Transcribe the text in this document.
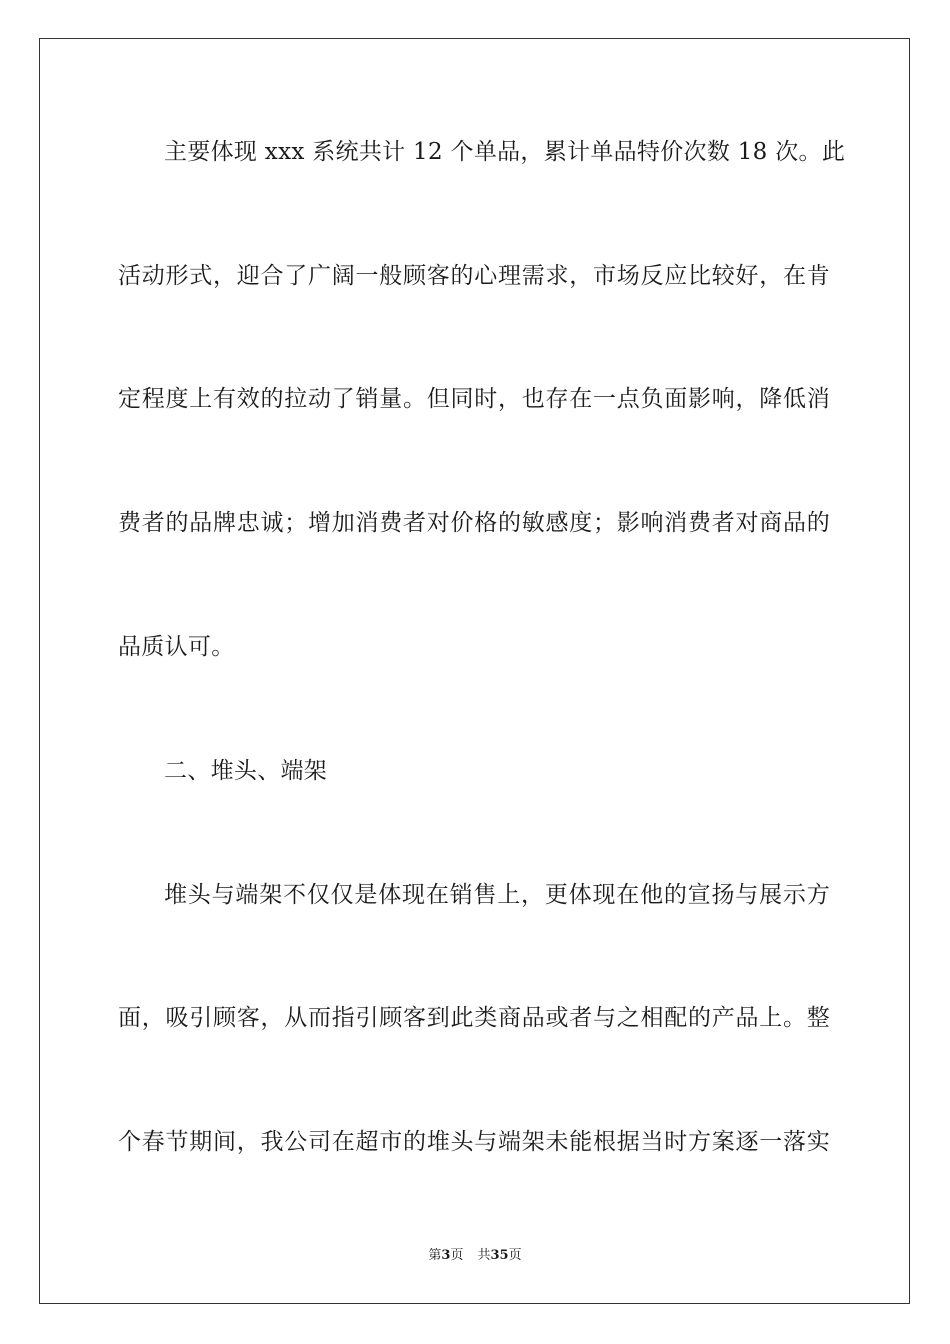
主要体现 xxx 系统共计 12 个单品，累计单品特价次数 18 次。此
活动形式，迎合了广阔一般顾客的心理需求，市场反应比较好，在肯
定程度上有效的拉动了销量。但同时，也存在一点负面影响，降低消
费者的品牌忠诚；增加消费者对价格的敏感度；影响消费者对商品的
品质认可。
二、堆头、端架
堆头与端架不仅仅是体现在销售上，更体现在他的宣扬与展示方
面，吸引顾客，从而指引顾客到此类商品或者与之相配的产品上。整
个春节期间，我公司在超市的堆头与端架未能根据当时方案逐一落实
第3页 共35页
